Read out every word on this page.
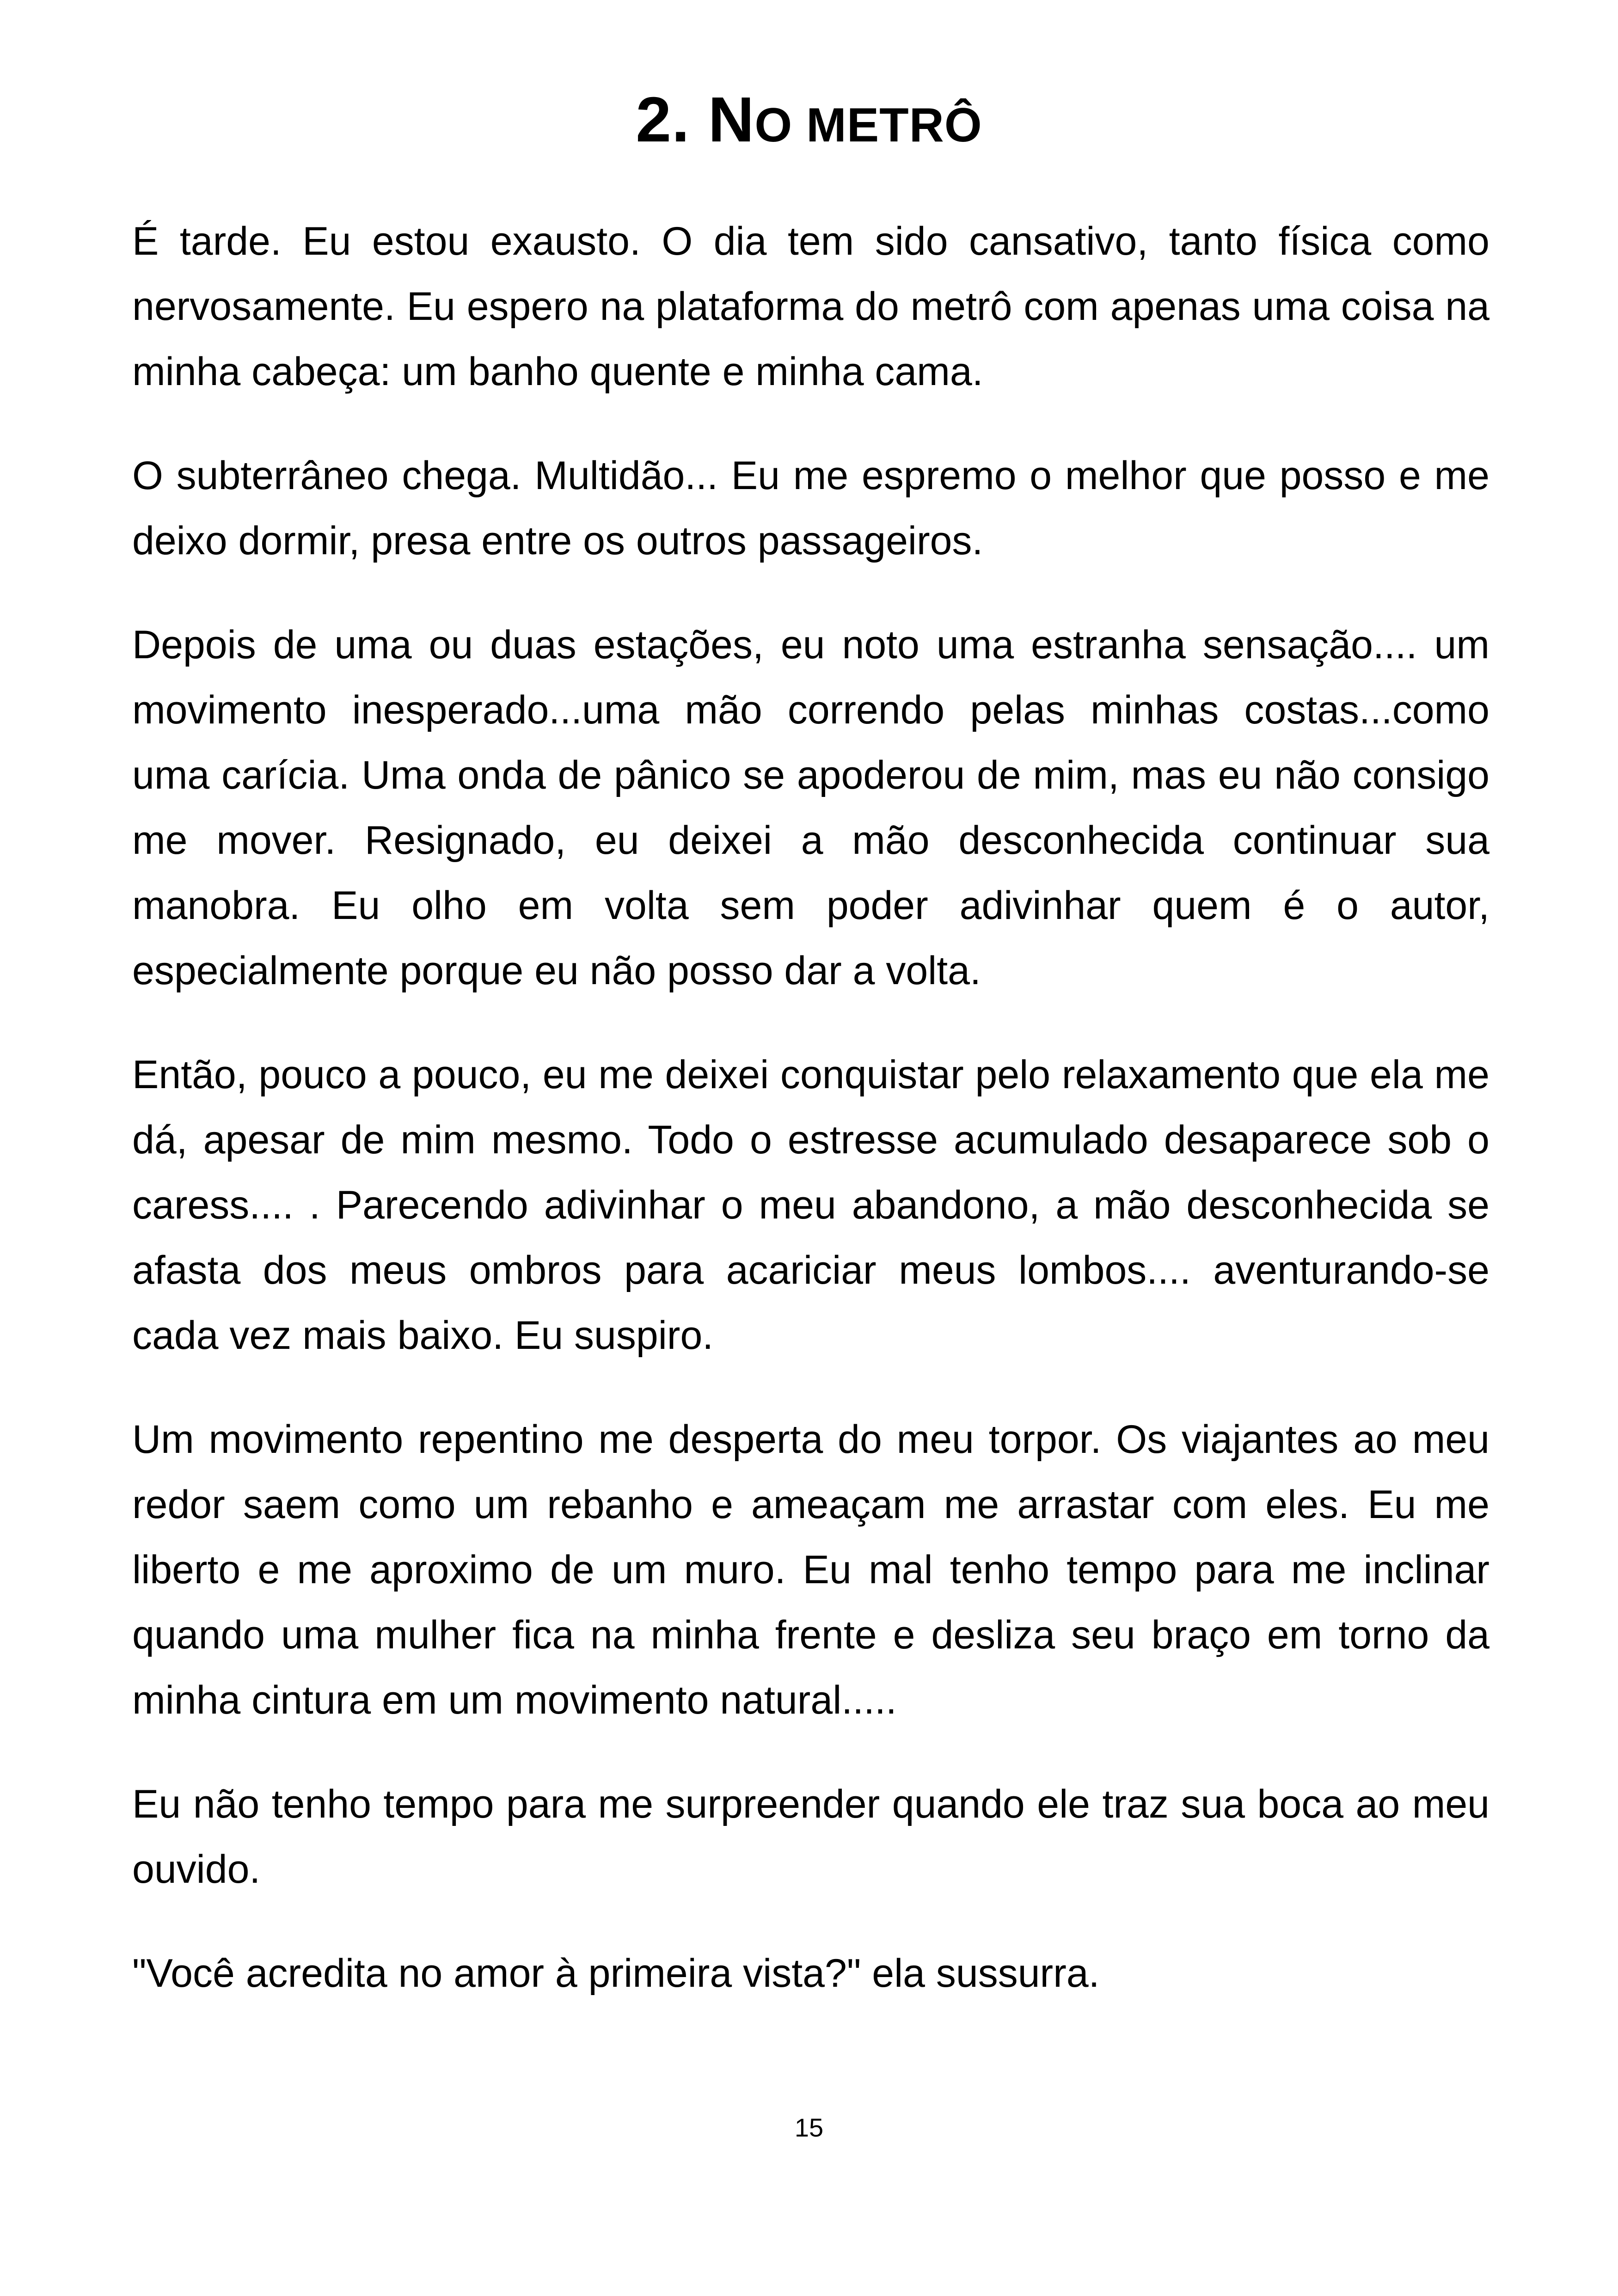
2. NO METRÔ

É tarde. Eu estou exausto. O dia tem sido cansativo, tanto física como nervosamente. Eu espero na plataforma do metrô com apenas uma coisa na minha cabeça: um banho quente e minha cama.

O subterrâneo chega. Multidão... Eu me espremo o melhor que posso e me deixo dormir, presa entre os outros passageiros.

Depois de uma ou duas estações, eu noto uma estranha sensação.... um movimento inesperado...uma mão correndo pelas minhas costas...como uma carícia. Uma onda de pânico se apoderou de mim, mas eu não consigo me mover. Resignado, eu deixei a mão desconhecida continuar sua manobra. Eu olho em volta sem poder adivinhar quem é o autor, especialmente porque eu não posso dar a volta.

Então, pouco a pouco, eu me deixei conquistar pelo relaxamento que ela me dá, apesar de mim mesmo. Todo o estresse acumulado desaparece sob o caress.... . Parecendo adivinhar o meu abandono, a mão desconhecida se afasta dos meus ombros para acariciar meus lombos.... aventurando-se cada vez mais baixo. Eu suspiro.

Um movimento repentino me desperta do meu torpor. Os viajantes ao meu redor saem como um rebanho e ameaçam me arrastar com eles. Eu me liberto e me aproximo de um muro. Eu mal tenho tempo para me inclinar quando uma mulher fica na minha frente e desliza seu braço em torno da minha cintura em um movimento natural.....

Eu não tenho tempo para me surpreender quando ele traz sua boca ao meu ouvido.

"Você acredita no amor à primeira vista?" ela sussurra.

15
